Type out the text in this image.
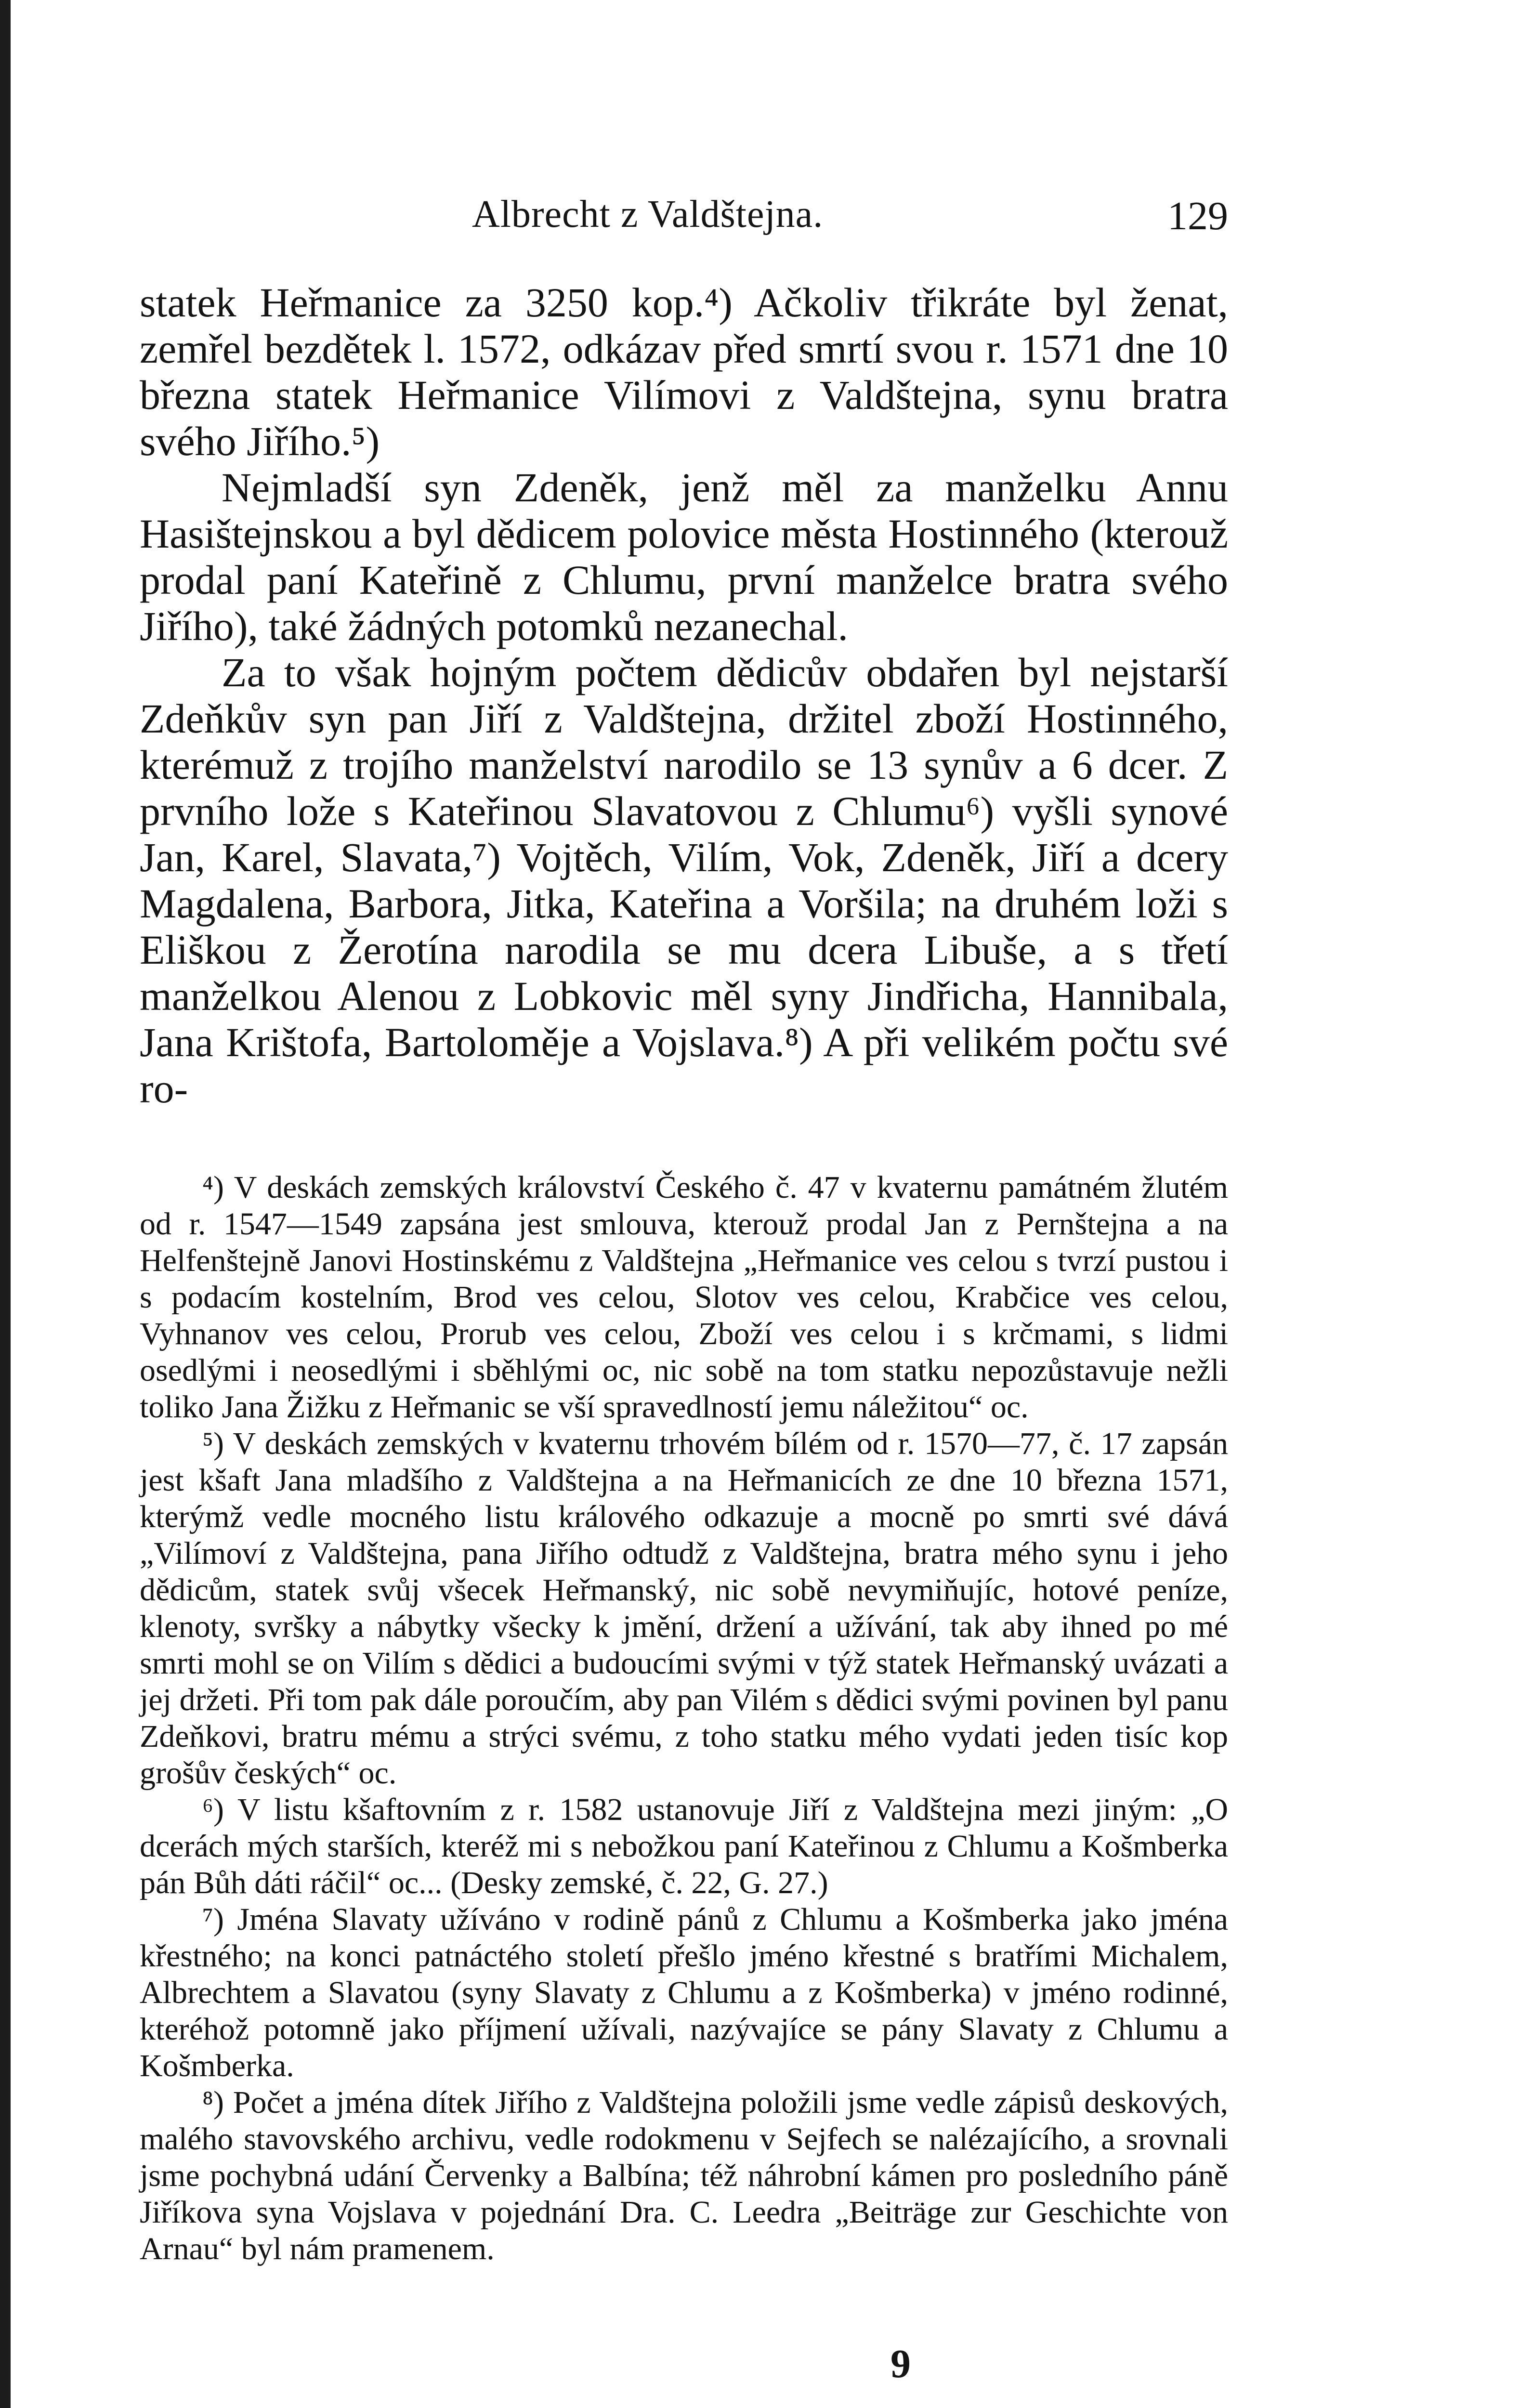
Albrecht z Valdštejna.	129

statek Heřmanice za 3250 kop.⁴) Ačkoliv třikráte byl ženat, zemřel bezdětek l. 1572, odkázav před smrtí svou r. 1571 dne 10 března statek Heřmanice Vilímovi z Valdštejna, synu bratra svého Jiřího.⁵)

Nejmladší syn Zdeněk, jenž měl za manželku Annu Hasištejnskou a byl dědicem polovice města Hostinného (kterouž prodal paní Kateřině z Chlumu, první manželce bratra svého Jiřího), také žádných potomků nezanechal.

Za to však hojným počtem dědicův obdařen byl nejstarší Zdeňkův syn pan Jiří z Valdštejna, držitel zboží Hostinného, kterémuž z trojího manželství narodilo se 13 synův a 6 dcer. Z prvního lože s Kateřinou Slavatovou z Chlumu⁶) vyšli synové Jan, Karel, Slavata,⁷) Vojtěch, Vilím, Vok, Zdeněk, Jiří a dcery Magdalena, Barbora, Jitka, Kateřina a Voršila; na druhém loži s Eliškou z Žerotína narodila se mu dcera Libuše, a s třetí manželkou Alenou z Lobkovic měl syny Jindřicha, Hannibala, Jana Krištofa, Bartoloměje a Vojslava.⁸) A při velikém počtu své ro-

⁴) V deskách zemských království Českého č. 47 v kvaternu památném žlutém od r. 1547—1549 zapsána jest smlouva, kterouž prodal Jan z Pernštejna a na Helfenštejně Janovi Hostinskému z Valdštejna „Heřmanice ves celou s tvrzí pustou i s podacím kostelním, Brod ves celou, Slotov ves celou, Krabčice ves celou, Vyhnanov ves celou, Prorub ves celou, Zboží ves celou i s krčmami, s lidmi osedlými i neosedlými i sběhlými oc, nic sobě na tom statku nepozůstavuje nežli toliko Jana Žižku z Heřmanic se vší spravedlností jemu náležitou“ oc.

⁵) V deskách zemských v kvaternu trhovém bílém od r. 1570—77, č. 17 zapsán jest kšaft Jana mladšího z Valdštejna a na Heřmanicích ze dne 10 března 1571, kterýmž vedle mocného listu králového odkazuje a mocně po smrti své dává „Vilímoví z Valdštejna, pana Jiřího odtudž z Valdštejna, bratra mého synu i jeho dědicům, statek svůj všecek Heřmanský, nic sobě nevymiňujíc, hotové peníze, klenoty, svršky a nábytky všecky k jmění, držení a užívání, tak aby ihned po mé smrti mohl se on Vilím s dědici a budoucími svými v týž statek Heřmanský uvázati a jej držeti. Při tom pak dále poroučím, aby pan Vilém s dědici svými povinen byl panu Zdeňkovi, bratru mému a strýci svému, z toho statku mého vydati jeden tisíc kop grošův českých“ oc.

⁶) V listu kšaftovním z r. 1582 ustanovuje Jiří z Valdštejna mezi jiným: „O dcerách mých starších, kteréž mi s nebožkou paní Kateřinou z Chlumu a Košmberka pán Bůh dáti ráčil“ oc... (Desky zemské, č. 22, G. 27.)

⁷) Jména Slavaty užíváno v rodině pánů z Chlumu a Košmberka jako jména křestného; na konci patnáctého století přešlo jméno křestné s bratřími Michalem, Albrechtem a Slavatou (syny Slavaty z Chlumu a z Košmberka) v jméno rodinné, kteréhož potomně jako příjmení užívali, nazývajíce se pány Slavaty z Chlumu a Košmberka.

⁸) Počet a jména dítek Jiřího z Valdštejna položili jsme vedle zápisů deskových, malého stavovského archivu, vedle rodokmenu v Sejfech se nalézajícího, a srovnali jsme pochybná udání Červenky a Balbína; též náhrobní kámen pro posledního páně Jiříkova syna Vojslava v pojednání Dra. C. Leedra „Beiträge zur Geschichte von Arnau“ byl nám pramenem.

9
